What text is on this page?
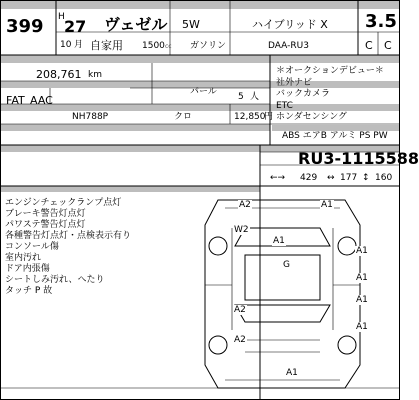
399 H 27
10 月
ヴェゼル 5W	ハイブリッド X
自家用 1500 cc ガソリン	DAA-RU3
3.5
C C
208,761 km
FAT AAC
パール 5 人
NH788P	クロ	12,850
円
＊オークションデビュー＊
社外ナビ
バックカメラ
ETC
ホンダセンシング
ABS エアB アルミ PS PW
RU3-1115588
←→ 429 ↔ 177 ↕ 160
エンジンチェックランプ点灯
ブレーキ警告灯点灯
パワステ警告灯点灯
各種警告灯点灯・点検表示有り
コンソール傷
室内汚れ
ドア内張傷
シートしみ汚れ、へたり
タッチ P 故
A2	A1
W2
A1
A1
G
A1
A1
A2
A1
A2
A1
